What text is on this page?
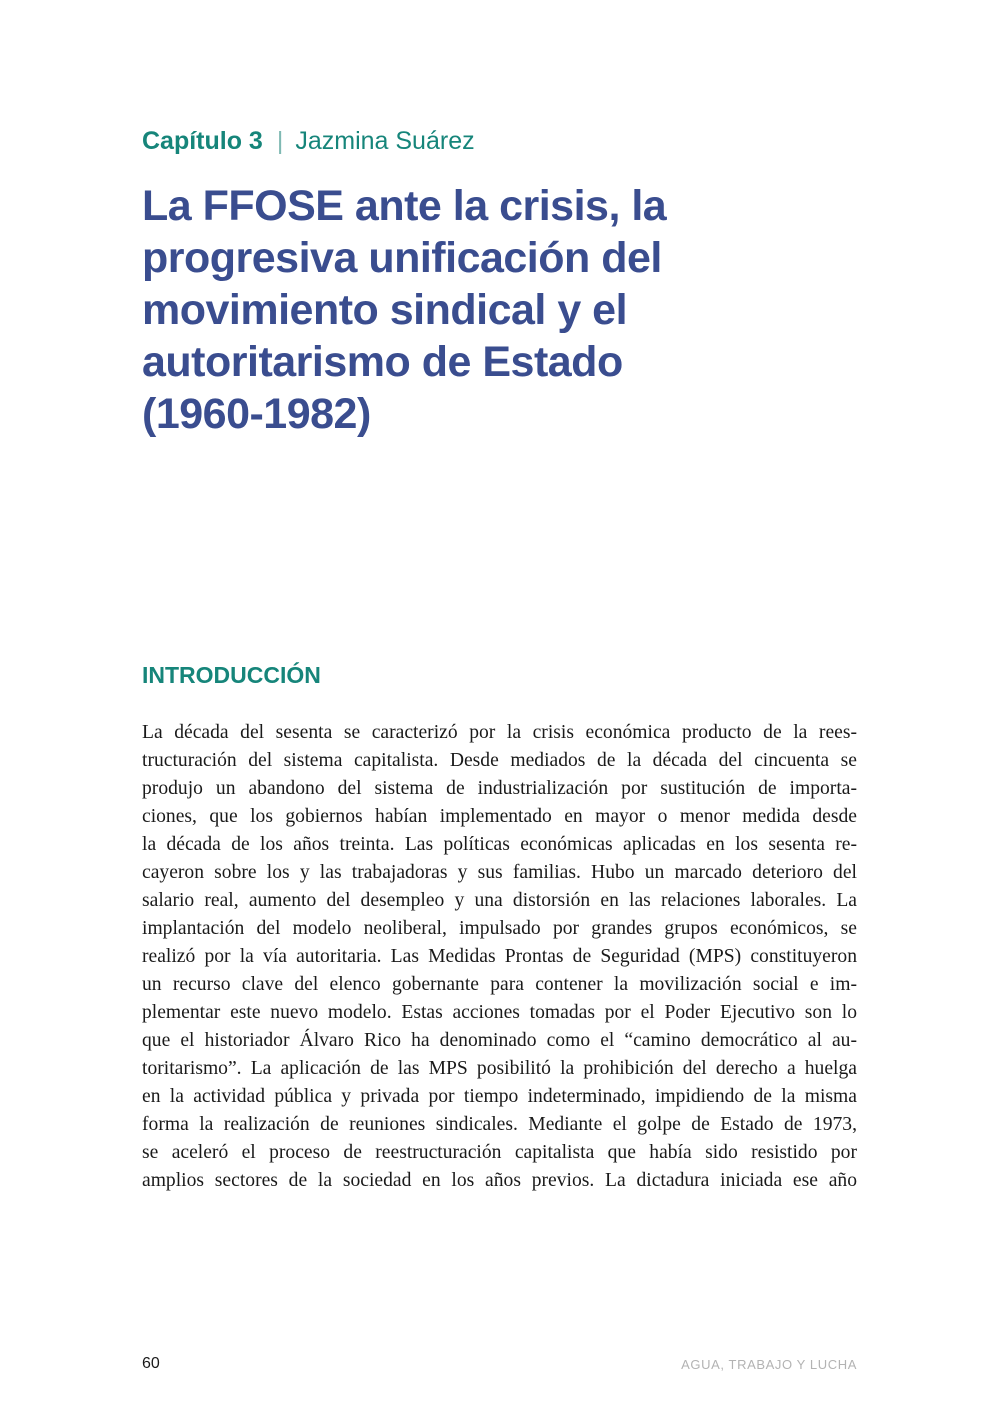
Capítulo 3 | Jazmina Suárez
La FFOSE ante la crisis, la
progresiva unificación del
movimiento sindical y el
autoritarismo de Estado
(1960-1982)
INTRODUCCIÓN
La década del sesenta se caracterizó por la crisis económica producto de la rees-
tructuración del sistema capitalista. Desde mediados de la década del cincuenta se
produjo un abandono del sistema de industrialización por sustitución de importa-
ciones, que los gobiernos habían implementado en mayor o menor medida desde
la década de los años treinta. Las políticas económicas aplicadas en los sesenta re-
cayeron sobre los y las trabajadoras y sus familias. Hubo un marcado deterioro del
salario real, aumento del desempleo y una distorsión en las relaciones laborales. La
implantación del modelo neoliberal, impulsado por grandes grupos económicos, se
realizó por la vía autoritaria. Las Medidas Prontas de Seguridad (MPS) constituyeron
un recurso clave del elenco gobernante para contener la movilización social e im-
plementar este nuevo modelo. Estas acciones tomadas por el Poder Ejecutivo son lo
que el historiador Álvaro Rico ha denominado como el “camino democrático al au-
toritarismo”. La aplicación de las MPS posibilitó la prohibición del derecho a huelga
en la actividad pública y privada por tiempo indeterminado, impidiendo de la misma
forma la realización de reuniones sindicales. Mediante el golpe de Estado de 1973,
se aceleró el proceso de reestructuración capitalista que había sido resistido por
amplios sectores de la sociedad en los años previos. La dictadura iniciada ese año
60	AGUA, TRABAJO Y LUCHA
